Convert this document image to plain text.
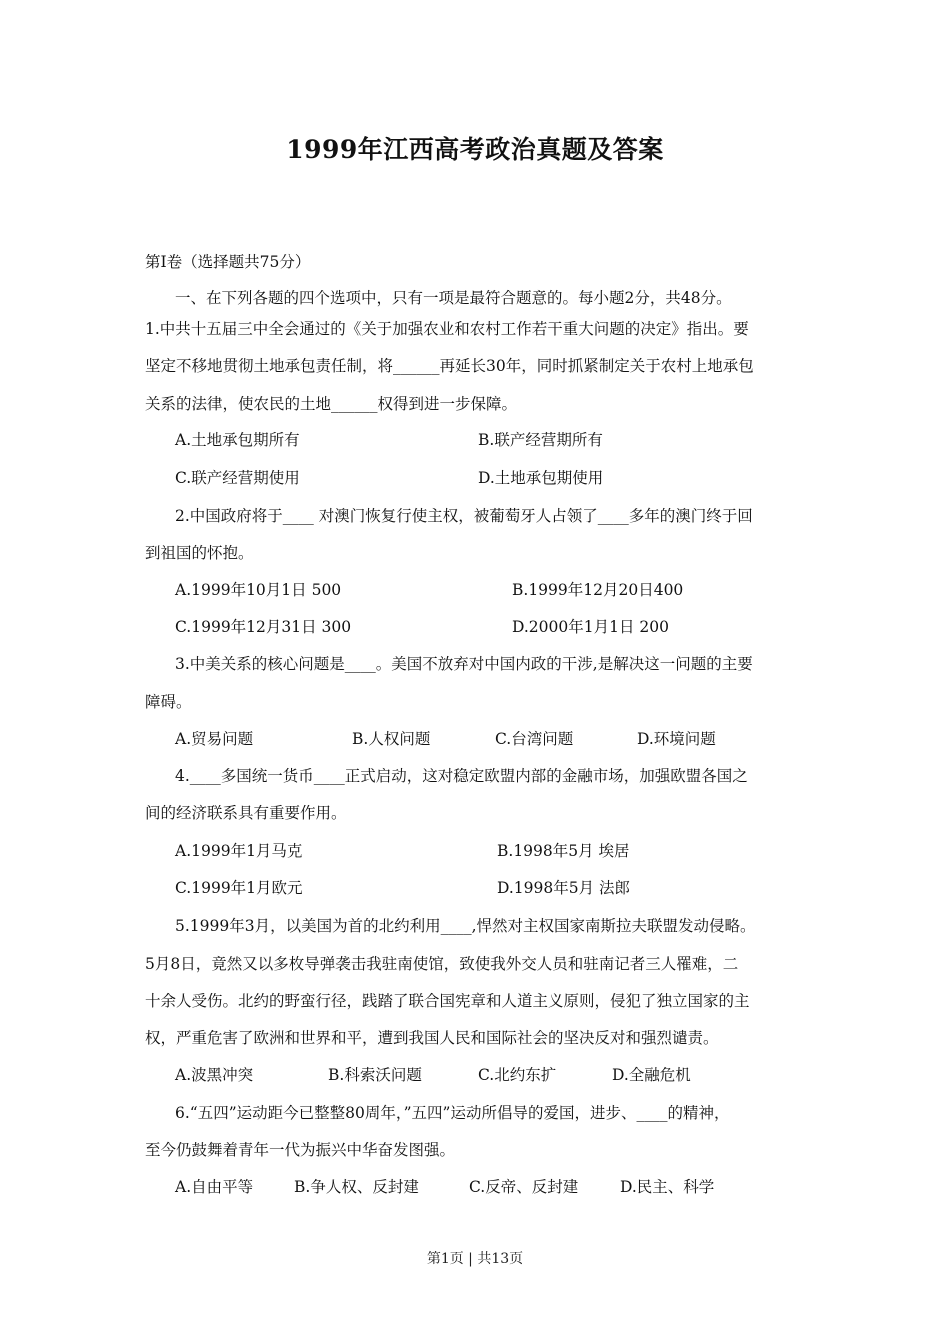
1999年江西高考政治真题及答案
第Ⅰ卷（选择题共75分）
一、在下列各题的四个选项中，只有一项是最符合题意的。每小题2分，共48分。
1.中共十五届三中全会通过的《关于加强农业和农村工作若干重大问题的决定》指出。要
坚定不移地贯彻土地承包责任制，将______再延长30年，同时抓紧制定关于农村上地承包
关系的法律，使农民的土地______权得到进一步保障。
A.土地承包期所有	B.联产经营期所有
C.联产经营期使用	D.土地承包期使用
2.中国政府将于____ 对澳门恢复行使主权，被葡萄牙人占领了____多年的澳门终于回
到祖国的怀抱。
A.1999年10月1日 500	B.1999年12月20日400
C.1999年12月31日 300	D.2000年1月1日 200
3.中美关系的核心问题是____。美国不放弃对中国内政的干涉,是解决这一问题的主要
障碍。
A.贸易问题	B.人权问题	C.台湾问题	D.环境问题
4.____多国统一货币____正式启动，这对稳定欧盟内部的金融市场，加强欧盟各国之
间的经济联系具有重要作用。
A.1999年1月马克	B.1998年5月 埃居
C.1999年1月欧元	D.1998年5月 法郎
5.1999年3月，以美国为首的北约利用____,悍然对主权国家南斯拉夫联盟发动侵略。
5月8日，竟然又以多枚导弹袭击我驻南使馆，致使我外交人员和驻南记者三人罹难，二
十余人受伤。北约的野蛮行径，践踏了联合国宪章和人道主义原则，侵犯了独立国家的主
权，严重危害了欧洲和世界和平，遭到我国人民和国际社会的坚决反对和强烈谴责。
A.波黑冲突	B.科索沃问题	C.北约东扩	D.全融危机
6.“五四”运动距今已整整80周年，”五四”运动所倡导的爱国，进步、____的精神，
至今仍鼓舞着青年一代为振兴中华奋发图强。
A.自由平等	B.争人权、反封建	C.反帝、反封建	D.民主、科学
第1页 | 共13页
